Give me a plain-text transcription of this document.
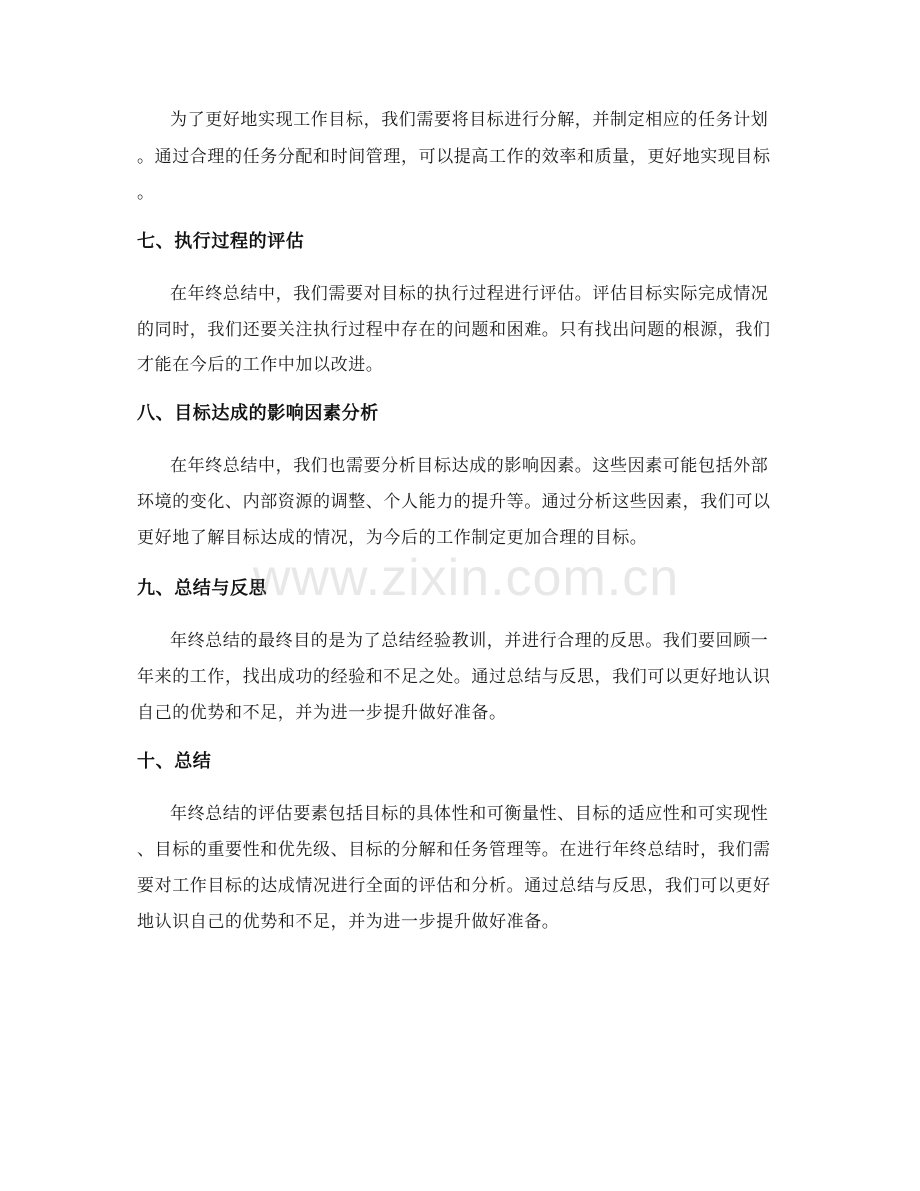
为了更好地实现工作目标，我们需要将目标进行分解，并制定相应的任务计划
。通过合理的任务分配和时间管理，可以提高工作的效率和质量，更好地实现目标
。
七、执行过程的评估
在年终总结中，我们需要对目标的执行过程进行评估。评估目标实际完成情况
的同时，我们还要关注执行过程中存在的问题和困难。只有找出问题的根源，我们
才能在今后的工作中加以改进。
八、目标达成的影响因素分析
在年终总结中，我们也需要分析目标达成的影响因素。这些因素可能包括外部
环境的变化、内部资源的调整、个人能力的提升等。通过分析这些因素，我们可以
更好地了解目标达成的情况，为今后的工作制定更加合理的目标。
九、总结与反思
年终总结的最终目的是为了总结经验教训，并进行合理的反思。我们要回顾一
年来的工作，找出成功的经验和不足之处。通过总结与反思，我们可以更好地认识
自己的优势和不足，并为进一步提升做好准备。
十、总结
年终总结的评估要素包括目标的具体性和可衡量性、目标的适应性和可实现性
、目标的重要性和优先级、目标的分解和任务管理等。在进行年终总结时，我们需
要对工作目标的达成情况进行全面的评估和分析。通过总结与反思，我们可以更好
地认识自己的优势和不足，并为进一步提升做好准备。
www.zixin.com.cn
